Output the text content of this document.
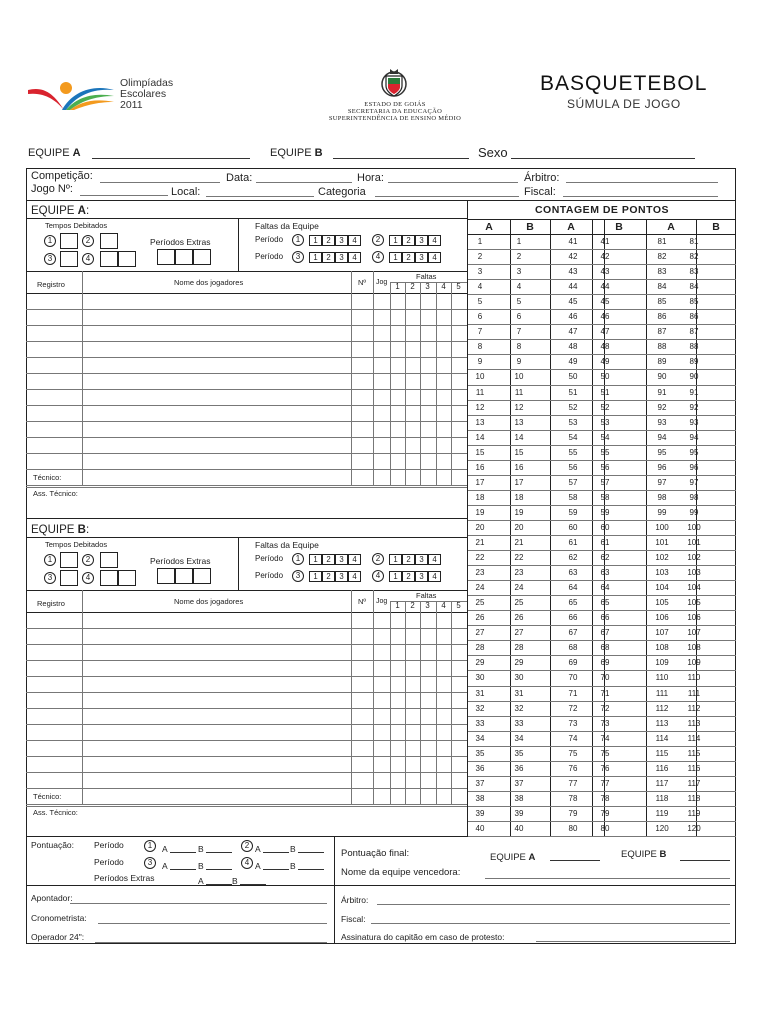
Olimpíadas
Escolares
2011	ESTADO DE GOIÁS
SECRETARIA DA EDUCAÇÃO
SUPERINTENDÊNCIA DE ENSINO MÉDIO
BASQUETEBOL
SÚMULA DE JOGO
EQUIPE A	EQUIPE B	Sexo
Competição:	Data:	Hora:	Árbitro:
Jogo Nº:	Local:	Categoria	Fiscal:
CONTAGEM DE PONTOS
Pontuação: Período
Período
Períodos Extras
1	A	B	2 A	B
3	A	B	4 A	B
A	B
Pontuação final:	EQUIPE A	EQUIPE B
Nome da equipe vencedora:
Apontador:
Cronometrista:
Operador 24":
Árbitro:
Fiscal:
Assinatura do capitão em caso de protesto:
EQUIPE A:
Tempos Debitados
Períodos Extras
Faltas da Equipe
1	2
3	4
Período	1	1	2	3	4	2	1	2	3	4
Período	3	1	2	3	4	4	1	2	3	4
Registro	Nome dos jogadores	Nº Jog
Faltas
1	2	3	4	5
Técnico:
Ass. Técnico:
EQUIPE B:
Tempos Debitados
Períodos Extras
Faltas da Equipe
1	2
3	4
Período	1	1	2	3	4	2	1	2	3	4
Período	3	1	2	3	4	4	1	2	3	4
Registro	Nome dos jogadores	Nº Jog
Faltas
1	2	3	4	5
Técnico:
Ass. Técnico:
A	B	A	B	A	B
1	1	41	41	81	81
2	2	42	42	82	82
3	3	43	43	83	83
4	4	44	44	84	84
5	5	45	45	85	85
6	6	46	46	86	86
7	7	47	47	87	87
8	8	48	48	88	88
9	9	49	49	89	89
10	10	50	50	90	90
11	11	51	51	91	91
12	12	52	52	92	92
13	13	53	53	93	93
14	14	54	54	94	94
15	15	55	55	95	95
16	16	56	56	96	96
17	17	57	57	97	97
18	18	58	58	98	98
19	19	59	59	99	99
20	20	60	60	100	100
21	21	61	61	101	101
22	22	62	62	102	102
23	23	63	63	103	103
24	24	64	64	104	104
25	25	65	65	105	105
26	26	66	66	106	106
27	27	67	67	107	107
28	28	68	68	108	108
29	29	69	69	109	109
30	30	70	70	110	110
31	31	71	71	111	111
32	32	72	72	112	112
33	33	73	73	113	113
34	34	74	74	114	114
35	35	75	75	115	115
36	36	76	76	116	116
37	37	77	77	117	117
38	38	78	78	118	118
39	39	79	79	119	119
40	40	80	80	120	120
